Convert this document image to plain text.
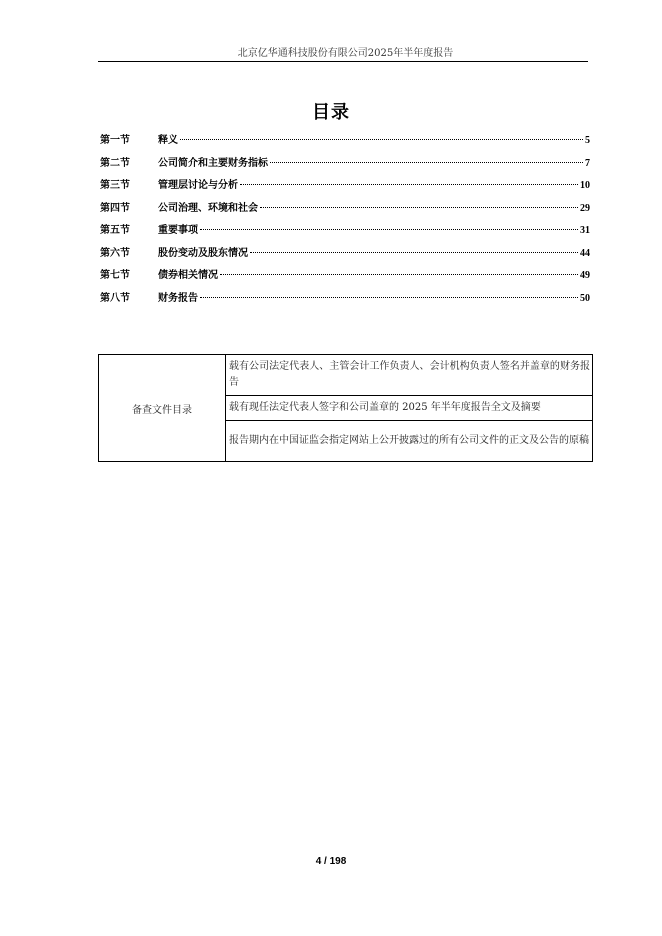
北京亿华通科技股份有限公司2025年半年度报告
目录
第一节	释义	5
第二节	公司简介和主要财务指标	7
第三节	管理层讨论与分析	10
第四节	公司治理、环境和社会	29
第五节	重要事项	31
第六节	股份变动及股东情况	44
第七节	债券相关情况	49
第八节	财务报告	50
备查文件目录	载有公司法定代表人、主管会计工作负责人、会计机构负责人签名并盖章的财务报告
载有现任法定代表人签字和公司盖章的 2025 年半年度报告全文及摘要
报告期内在中国证监会指定网站上公开披露过的所有公司文件的正文及公告的原稿
4 / 198
